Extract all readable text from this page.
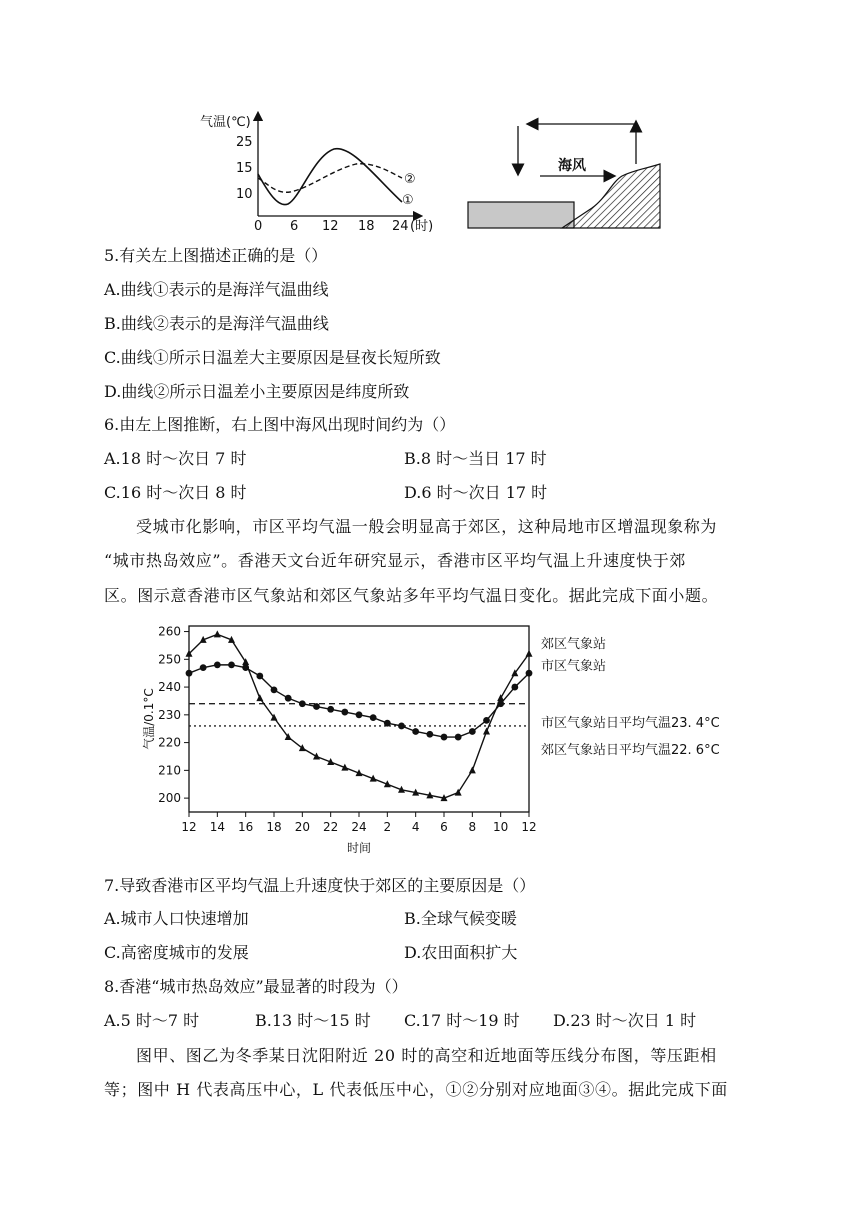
气温(℃)
25
15
10
0 6 12 18 24 (时)
②
①
海风
5.有关左上图描述正确的是（）
A.曲线①表示的是海洋气温曲线
B.曲线②表示的是海洋气温曲线
C.曲线①所示日温差大主要原因是昼夜长短所致
D.曲线②所示日温差小主要原因是纬度所致
6.由左上图推断，右上图中海风出现时间约为（）
A.18 时～次日 7 时	B.8 时～当日 17 时
C.16 时～次日 8 时	D.6 时～次日 17 时
受城市化影响，市区平均气温一般会明显高于郊区，这种局地市区增温现象称为
“城市热岛效应”。香港天文台近年研究显示，香港市区平均气温上升速度快于郊
区。图示意香港市区气象站和郊区气象站多年平均气温日变化。据此完成下面小题。
200
210
220
230
240
250
260
12 14 16 18 20 22 24 2 4 6 8 10 12
时间
气温/0.1°C
郊区气象站
市区气象站
市区气象站日平均气温23. 4°C
郊区气象站日平均气温22. 6°C
7.导致香港市区平均气温上升速度快于郊区的主要原因是（）
A.城市人口快速增加	B.全球气候变暖
C.高密度城市的发展	D.农田面积扩大
8.香港“城市热岛效应”最显著的时段为（）
A.5 时～7 时	B.13 时～15 时 C.17 时～19 时 D.23 时～次日 1 时
图甲、图乙为冬季某日沈阳附近 20 时的高空和近地面等压线分布图，等压距相
等；图中 H 代表高压中心，L 代表低压中心，①②分别对应地面③④。据此完成下面
